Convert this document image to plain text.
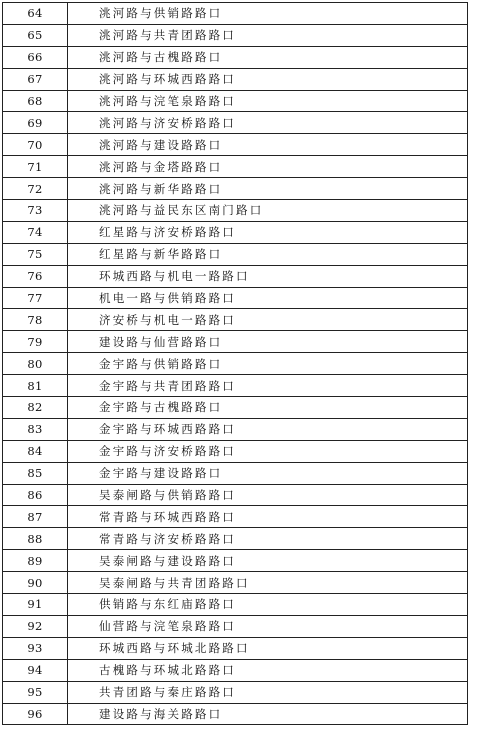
64	洮河路与供销路路口
65	洮河路与共青团路路口
66	洮河路与古槐路路口
67	洮河路与环城西路路口
68	洮河路与浣笔泉路路口
69	洮河路与济安桥路路口
70	洮河路与建设路路口
71	洮河路与金塔路路口
72	洮河路与新华路路口
73	洮河路与益民东区南门路口
74	红星路与济安桥路路口
75	红星路与新华路路口
76	环城西路与机电一路路口
77	机电一路与供销路路口
78	济安桥与机电一路路口
79	建设路与仙营路路口
80	金宇路与供销路路口
81	金宇路与共青团路路口
82	金宇路与古槐路路口
83	金宇路与环城西路路口
84	金宇路与济安桥路路口
85	金宇路与建设路路口
86	吴泰闸路与供销路路口
87	常青路与环城西路路口
88	常青路与济安桥路路口
89	吴泰闸路与建设路路口
90	吴泰闸路与共青团路路口
91	供销路与东红庙路路口
92	仙营路与浣笔泉路路口
93	环城西路与环城北路路口
94	古槐路与环城北路路口
95	共青团路与秦庄路路口
96	建设路与海关路路口
